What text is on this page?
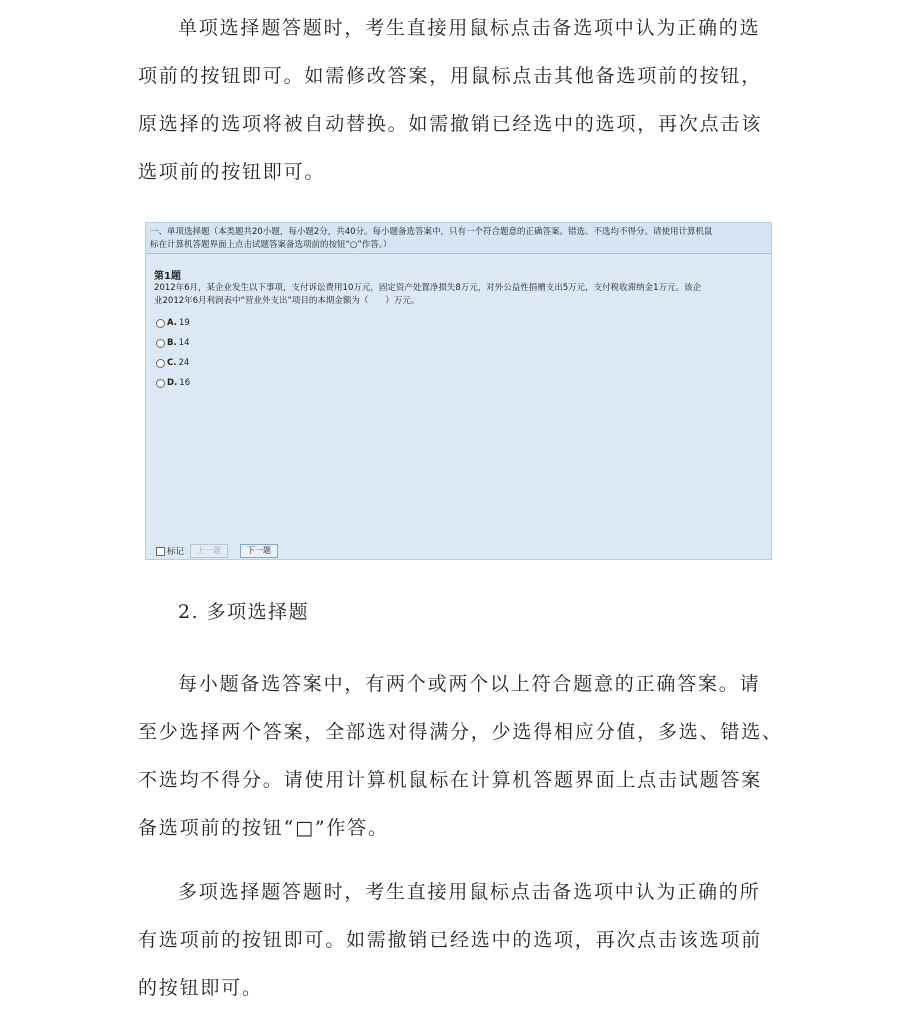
单项选择题答题时，考生直接用鼠标点击备选项中认为正确的选
项前的按钮即可。如需修改答案，用鼠标点击其他备选项前的按钮，
原选择的选项将被自动替换。如需撤销已经选中的选项，再次点击该
选项前的按钮即可。
一、单项选择题（本类题共20小题，每小题2分，共40分。每小题备选答案中，只有一个符合题意的正确答案。错选、不选均不得分。请使用计算机鼠
标在计算机答题界面上点击试题答案备选项前的按钮“○”作答。）
第1题
2012年6月，某企业发生以下事项，支付诉讼费用10万元，固定资产处置净损失8万元，对外公益性捐赠支出5万元，支付税收滞纳金1万元。该企
业2012年6月利润表中“营业外支出”项目的本期金额为（　　）万元。
A. 19
B. 14
C. 24
D. 16
标记	上一题	下一题
2. 多项选择题
每小题备选答案中，有两个或两个以上符合题意的正确答案。请
至少选择两个答案，全部选对得满分，少选得相应分值，多选、错选、
不选均不得分。请使用计算机鼠标在计算机答题界面上点击试题答案
备选项前的按钮“□”作答。
多项选择题答题时，考生直接用鼠标点击备选项中认为正确的所
有选项前的按钮即可。如需撤销已经选中的选项，再次点击该选项前
的按钮即可。
